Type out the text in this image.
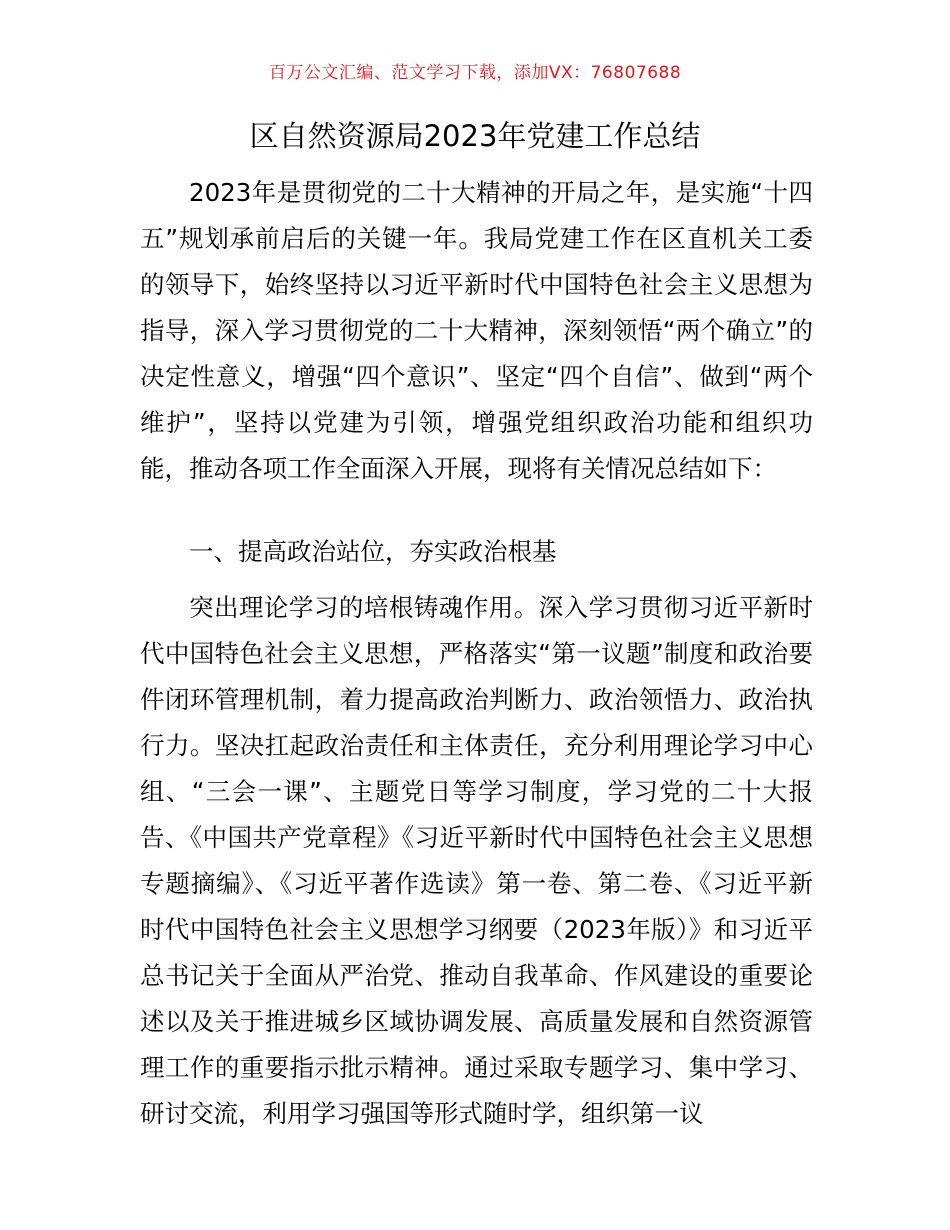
百万公文汇编、范文学习下载，添加VX：76807688
区自然资源局2023年党建工作总结

2023年是贯彻党的二十大精神的开局之年，是实施“十四五”规划承前启后的关键一年。我局党建工作在区直机关工委的领导下，始终坚持以习近平新时代中国特色社会主义思想为指导，深入学习贯彻党的二十大精神，深刻领悟“两个确立”的决定性意义，增强“四个意识”、坚定“四个自信”、做到“两个维护”，坚持以党建为引领，增强党组织政治功能和组织功能，推动各项工作全面深入开展，现将有关情况总结如下：

一、提高政治站位，夯实政治根基

突出理论学习的培根铸魂作用。深入学习贯彻习近平新时代中国特色社会主义思想，严格落实“第一议题”制度和政治要件闭环管理机制，着力提高政治判断力、政治领悟力、政治执行力。坚决扛起政治责任和主体责任，充分利用理论学习中心组、“三会一课”、主题党日等学习制度，学习党的二十大报告、《中国共产党章程》《习近平新时代中国特色社会主义思想专题摘编》、《习近平著作选读》第一卷、第二卷、《习近平新时代中国特色社会主义思想学习纲要（2023年版）》和习近平总书记关于全面从严治党、推动自我革命、作风建设的重要论述以及关于推进城乡区域协调发展、高质量发展和自然资源管理工作的重要指示批示精神。通过采取专题学习、集中学习、研讨交流，利用学习强国等形式随时学，组织第一议
